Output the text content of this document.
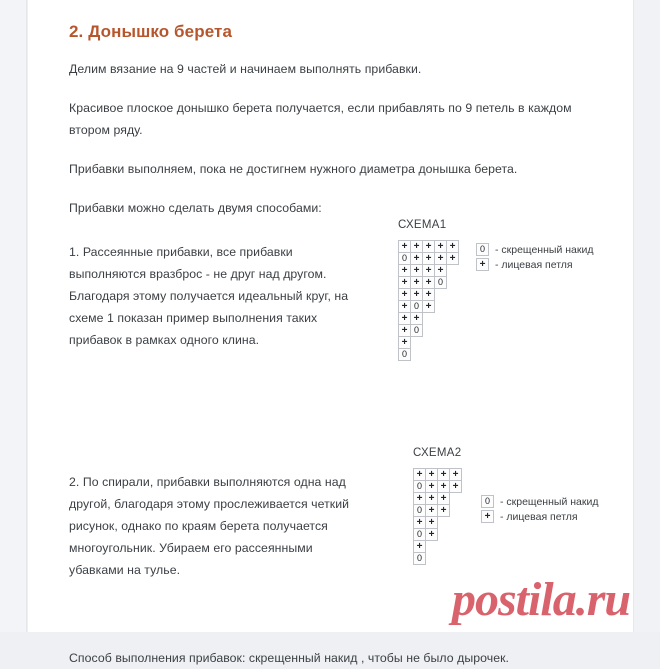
2. Донышко берета

Делим вязание на 9 частей и начинаем выполнять прибавки.

Красивое плоское донышко берета получается, если прибавлять по 9 петель в каждом втором ряду.

Прибавки выполняем, пока не достигнем нужного диаметра донышка берета.

Прибавки можно сделать двумя способами:

1. Рассеянные прибавки, все прибавки выполняются вразброс - не друг над другом. Благодаря этому получается идеальный круг, на схеме 1 показан пример выполнения таких прибавок в рамках одного клина.

СХЕМА1
+ + + + +
0 + + + +
+ + + +
+ + + 0
+ + +
+ 0 +
+ +
+ 0
+
0
0 - скрещенный накид
+ - лицевая петля

2. По спирали, прибавки выполняются одна над другой, благодаря этому прослеживается четкий рисунок, однако по краям берета получается многоугольник. Убираем его рассеянными убавками на тулье.

СХЕМА2
+ + + +
0 + + +
+ + +
0 + +
+ +
0 +
+
0
0 - скрещенный накид
+ - лицевая петля

Способ выполнения прибавок: скрещенный накид , чтобы не было дырочек.

postila.ru
